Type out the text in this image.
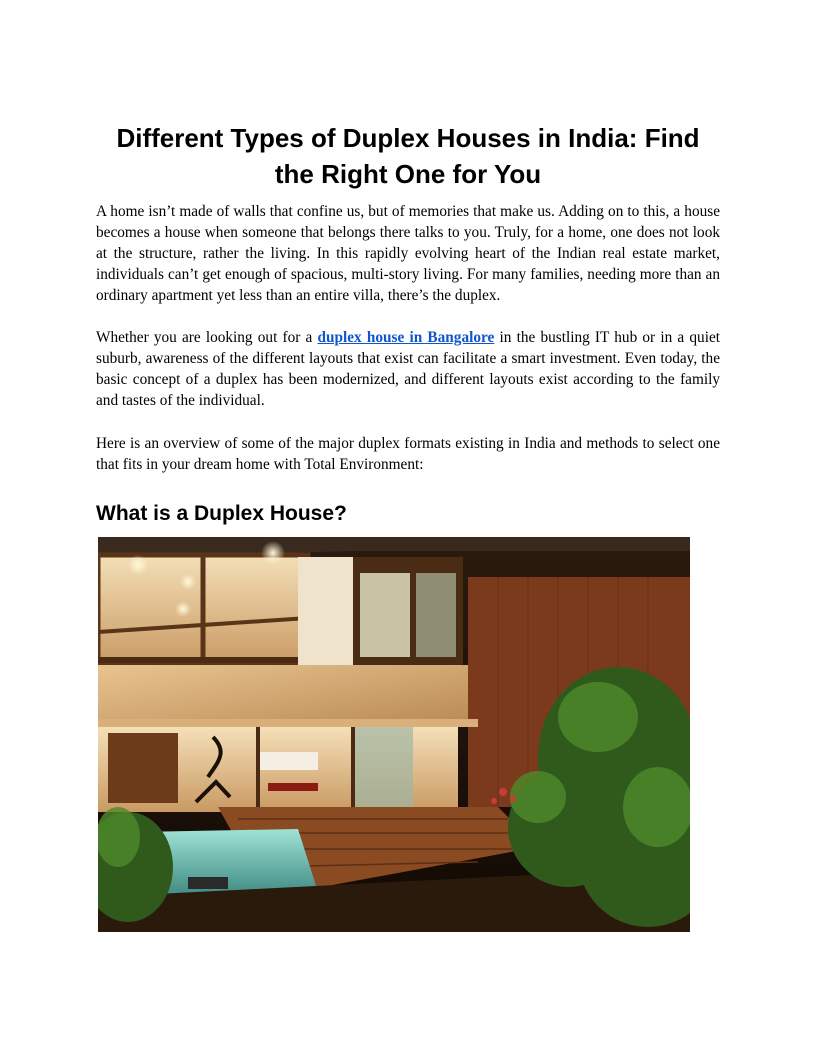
Different Types of Duplex Houses in India: Find the Right One for You

A home isn’t made of walls that confine us, but of memories that make us. Adding on to this, a house becomes a house when someone that belongs there talks to you. Truly, for a home, one does not look at the structure, rather the living. In this rapidly evolving heart of the Indian real estate market, individuals can’t get enough of spacious, multi-story living. For many families, needing more than an ordinary apartment yet less than an entire villa, there’s the duplex.

Whether you are looking out for a duplex house in Bangalore in the bustling IT hub or in a quiet suburb, awareness of the different layouts that exist can facilitate a smart investment. Even today, the basic concept of a duplex has been modernized, and different layouts exist according to the family and tastes of the individual.

Here is an overview of some of the major duplex formats existing in India and methods to select one that fits in your dream home with Total Environment:

What is a Duplex House?
